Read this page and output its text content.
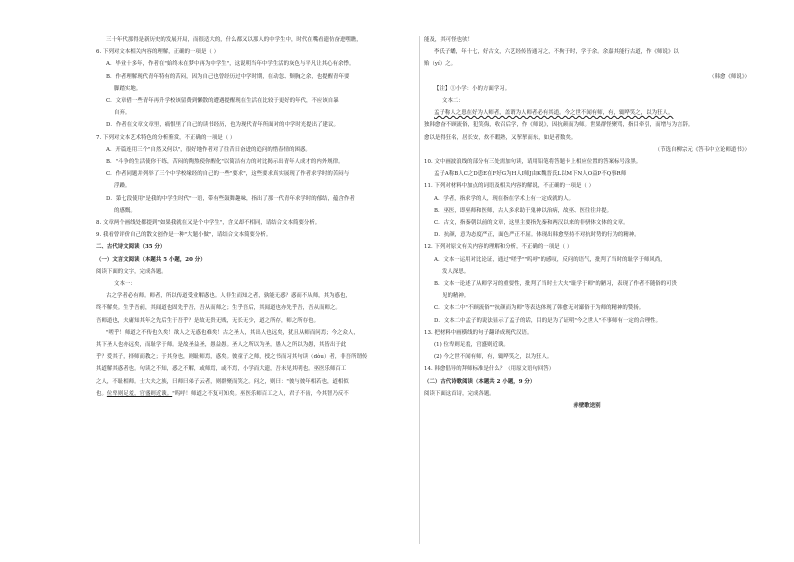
三十年代那得是新历史的发展开局，而很适大的，什么都又以那人的中学生中，时代在嘴看遗仿奋进嘿瞧，
6. 下列对文本相关内容的理解，正确的一项是（ ）
A．毕业十多年，作者在"始终未在梦中再为中学生"，这说明当年中学生活的灰色与平凡让其心有余悸。
B．作者理解现代青年特有的苦闷，因为自己也曾经历过中学时期，在动忽、颓胸之余，也提醒青年要
脚踏实地。
C．文章借一些青年再升学校该留费到懒散的遭遇提醒现在生活在比较于更好的年代，不应该自暴
自弃。
D．作者在文章文章里，痛恨里了自己的读书经历，也为现代青年所面对的中学时光提出了建议。
7. 下列对文本艺术特色的分析鉴赏，不正确的一项是（ ）
A．开篇连用三个"自然又何以"，很好地作者对了往昔日奋进的追问的惜春情的困惑。
B．"斗争的生活使你干练，苦闷的陶熬使你醒化"以简洁有力的对比揭示出青年人成才的内外规律。
C．作者同题并列举了三个中学校缘经的自己的一些"要求"，这些要求真实展现了作者求学时的苦闷与
浮躁。
D．第七段使用"是我的中学生时代"一语，带有些鼓舞趣味，指出了那一代青年求学时的郁结，蕴含作者
的感慨。
8. 文章两个画线处都提到"如果我就在又是个中学生"，含义却不相同，请结合文本简要分析。
9. 我看曾评价自己的散文创作是一种"大题小做"，请结合文本简要分析。
二、古代诗文阅读（35 分）
（一）文言文阅读（本题共 5 小题，20 分）
阅读下面的文字，完成各题。
文本一：
古之学者必有师。师者，所以传道受业解惑也。人非生而知之者，孰能无惑？惑而不从师，其为惑也，
终不解矣。生乎吾前，其闻道也固先乎吾，吾从而师之；生乎吾后，其闻道也亦先乎吾，吾从而师之。
吾师道也，夫庸知其年之先后生于吾乎？是故无贵无贱，无长无少，道之所存，师之所存也。
"嗟乎！师道之不传也久矣！欲人之无惑也难矣！古之圣人，其出人也远矣，犹且从师而问焉；今之众人，
其下圣人也亦远矣，而耻学于师。是故圣益圣，愚益愚。圣人之所以为圣，愚人之所以为愚，其皆出于此
乎？爱其子，择师而教之；于其身也，则耻师焉，惑矣。彼童子之师，授之书而习其句读（dòu）者，非吾所谓传
其道解其惑者也。句读之不知，惑之不解，或师焉，或不焉，小学而大遗，吾未见其明也。巫医乐师百工
之人，不耻相师。士大夫之族，曰师曰弟子云者，则群聚而笑之。问之，则曰："彼与彼年相若也，道相似
也。位卑则足羞，官盛则近谀。"呜呼！师道之不复可知矣。巫医乐师百工之人，君子不齿，今其智乃反不
能及，其可怪也欤！
李氏子蟠，年十七，好古文，六艺经传皆通习之，不拘于时，学于余。余嘉其能行古道，作《师说》以
贻（yí）之。
（韩愈《师说》）
【注】①小学：小的方面学习。
文本二：
孟子称人之患在好为人师者，盖谓为人师者必有其道。今之世不闻有师，有，辄哗笑之，以为狂人。
独韩愈奋不顾流俗，犯笑侮，收召后学，作《师说》，因抗颜而为师。世果群怪聚骂，指目牵引，而增与为言辞。
愈以是得狂名，居长安，炊不暇熟，又挈挈而东，如是者数矣。
（节选自柳宗元《答韦中立论师道书》）
10. 文中画波浪线的部分有三处需加句读，请用铅笔将答题卡上相应位置的答案标号涂黑。
孟子A称B人C之D患E在F好G为H人I师J由K魏晋氏L以M下N人O益P不Q事R师
11. 下列对材料中加点的词语及相关内容的解说，不正确的一项是（ ）
A．学者，指求学的人，现在指在学术上有一定成就的人。
B．巫医，即巫师和医师，古人多求助于鬼神以治病，故巫、医往往并提。
C．古文，指秦朝以前的文章，这里主要指先秦和两汉以来的非骈体文体的文章。
D．抗颜，意为态度严正，面色严正不屈。体现出韩愈坚持不对抗时势的行为的精神。
12. 下列对原文有关内容的理解和分析，不正确的一项是（ ）
A．文本一运用对比论证，通过"嗟乎""呜呼"的感叹，反问的语气，批判了当时的耻学于师风尚，
发人深思。
B．文本一论述了从师学习的重要性，批判了当时士大夫"耻学于师"的陋习，表现了作者不随俗的可贵
见的精神。
C．文本二中"不顾流俗""抗颜而为师"等表达体现了韩愈无对鄙俗于为师的精神的赞扬。
D．文本二中孟子的说法显示了孟子的话，目的是为了证明"今之世人"不事师有一定的合理性。
13. 把材料中画横线的句子翻译成现代汉语。
(1) 位卑则足羞，官盛则近谀。
(2) 今之世不闻有师，有，辄哗笑之，以为狂人。
14. 韩愈倡导的拜师标准是什么？（用原文语句回答）
（二）古代诗歌阅读（本题共 2 小题，9 分）
阅读下面这首诗，完成各题。
赤壁歌送别
